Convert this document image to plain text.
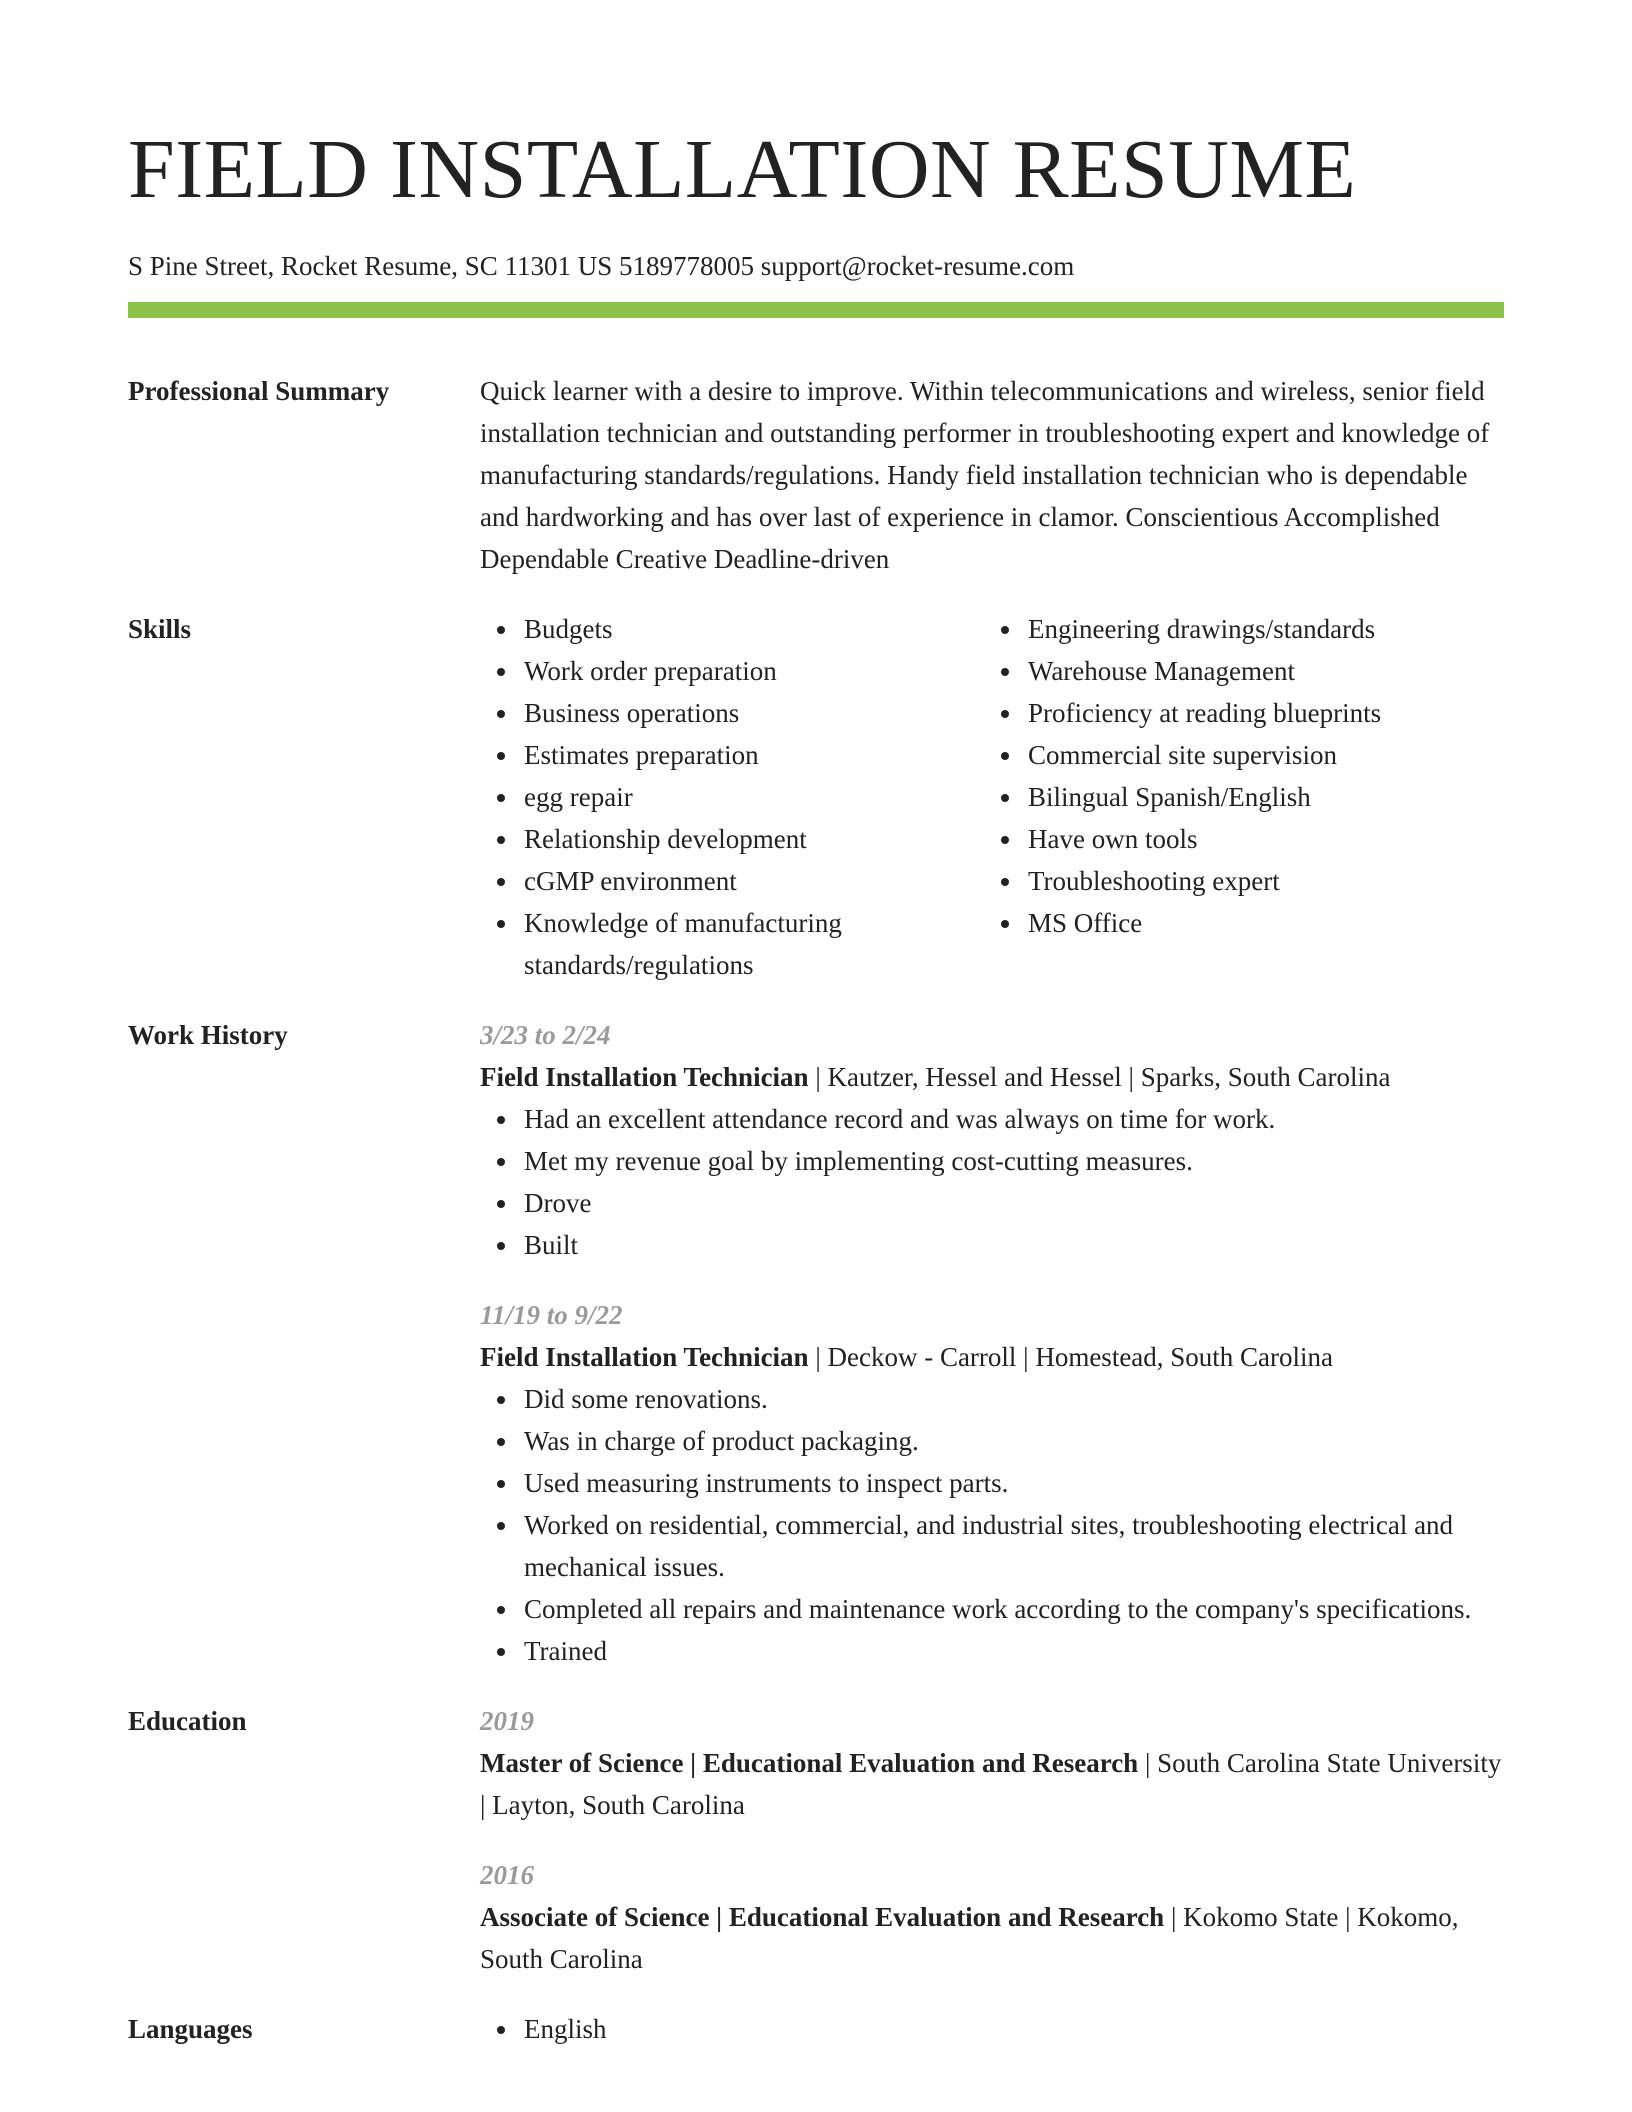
FIELD INSTALLATION RESUME
S Pine Street, Rocket Resume, SC 11301 US 5189778005 support@rocket-resume.com
Professional Summary	Quick learner with a desire to improve. Within telecommunications and wireless, senior field installation technician and outstanding performer in troubleshooting expert and knowledge of manufacturing standards/regulations. Handy field installation technician who is dependable and hardworking and has over last of experience in clamor. Conscientious Accomplished Dependable Creative Deadline-driven

Skills	Budgets
Work order preparation
Business operations
Estimates preparation
egg repair
Relationship development
cGMP environment
Knowledge of manufacturing standards/regulations
Engineering drawings/standards
Warehouse Management
Proficiency at reading blueprints
Commercial site supervision
Bilingual Spanish/English
Have own tools
Troubleshooting expert
MS Office
Work History	3/23 to 2/24
Field Installation Technician | Kautzer, Hessel and Hessel | Sparks, South Carolina
Had an excellent attendance record and was always on time for work.
Met my revenue goal by implementing cost-cutting measures.
Drove
Built
11/19 to 9/22
Field Installation Technician | Deckow - Carroll | Homestead, South Carolina
Did some renovations.
Was in charge of product packaging.
Used measuring instruments to inspect parts.
Worked on residential, commercial, and industrial sites, troubleshooting electrical and mechanical issues.
Completed all repairs and maintenance work according to the company's specifications.
Trained
Education	2019
Master of Science | Educational Evaluation and Research | South Carolina State University | Layton, South Carolina
2016
Associate of Science | Educational Evaluation and Research | Kokomo State | Kokomo, South Carolina
Languages	English
